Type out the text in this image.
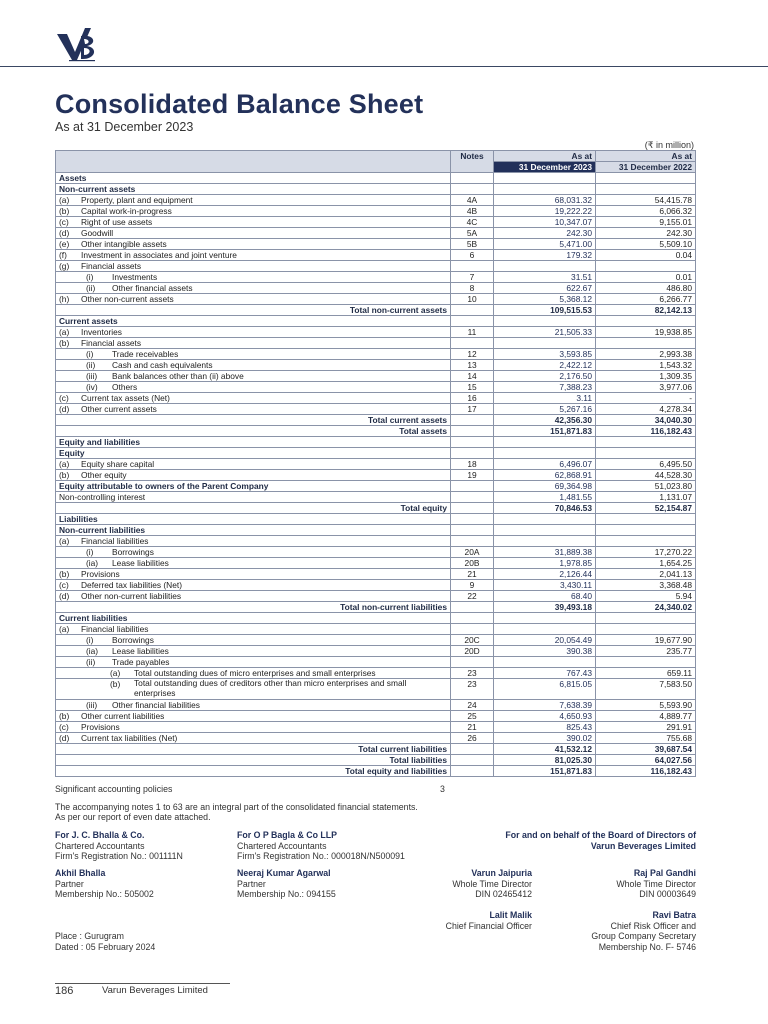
Consolidated Balance Sheet
As at 31 December 2023
(₹ in million)
	Notes	As at	As at
		31 December 2023	31 December 2022
Assets			
Non-current assets			
(a) Property, plant and equipment	4A	68,031.32	54,415.78
(b) Capital work-in-progress	4B	19,222.22	6,066.32
(c) Right of use assets	4C	10,347.07	9,155.01
(d) Goodwill	5A	242.30	242.30
(e) Other intangible assets	5B	5,471.00	5,509.10
(f) Investment in associates and joint venture	6	179.32	0.04
(g) Financial assets			
(i) Investments	7	31.51	0.01
(ii) Other financial assets	8	622.67	486.80
(h) Other non-current assets	10	5,368.12	6,266.77
Total non-current assets		109,515.53	82,142.13
Current assets			
(a) Inventories	11	21,505.33	19,938.85
(b) Financial assets			
(i) Trade receivables	12	3,593.85	2,993.38
(ii) Cash and cash equivalents	13	2,422.12	1,543.32
(iii) Bank balances other than (ii) above	14	2,176.50	1,309.35
(iv) Others	15	7,388.23	3,977.06
(c) Current tax assets (Net)	16	3.11	-
(d) Other current assets	17	5,267.16	4,278.34
Total current assets		42,356.30	34,040.30
Total assets		151,871.83	116,182.43
Equity and liabilities			
Equity			
(a) Equity share capital	18	6,496.07	6,495.50
(b) Other equity	19	62,868.91	44,528.30
Equity attributable to owners of the Parent Company		69,364.98	51,023.80
Non-controlling interest		1,481.55	1,131.07
Total equity		70,846.53	52,154.87
Liabilities			
Non-current liabilities			
(a) Financial liabilities			
(i) Borrowings	20A	31,889.38	17,270.22
(ia) Lease liabilities	20B	1,978.85	1,654.25
(b) Provisions	21	2,126.44	2,041.13
(c) Deferred tax liabilities (Net)	9	3,430.11	3,368.48
(d) Other non-current liabilities	22	68.40	5.94
Total non-current liabilities		39,493.18	24,340.02
Current liabilities			
(a) Financial liabilities			
(i) Borrowings	20C	20,054.49	19,677.90
(ia) Lease liabilities	20D	390.38	235.77
(ii) Trade payables			
(a) Total outstanding dues of micro enterprises and small enterprises	23	767.43	659.11
(b) Total outstanding dues of creditors other than micro enterprises and small enterprises	23	6,815.05	7,583.50
(iii) Other financial liabilities	24	7,638.39	5,593.90
(b) Other current liabilities	25	4,650.93	4,889.77
(c) Provisions	21	825.43	291.91
(d) Current tax liabilities (Net)	26	390.02	755.68
Total current liabilities		41,532.12	39,687.54
Total liabilities		81,025.30	64,027.56
Total equity and liabilities		151,871.83	116,182.43
Significant accounting policies	3
The accompanying notes 1 to 63 are an integral part of the consolidated financial statements.
As per our report of even date attached.
For J. C. Bhalla & Co.
Chartered Accountants
Firm's Registration No.: 001111N
For O P Bagla & Co LLP
Chartered Accountants
Firm's Registration No.: 000018N/N500091
For and on behalf of the Board of Directors of
Varun Beverages Limited
Akhil Bhalla
Partner
Membership No.: 505002
Neeraj Kumar Agarwal
Partner
Membership No.: 094155
Varun Jaipuria
Whole Time Director
DIN 02465412
Raj Pal Gandhi
Whole Time Director
DIN 00003649
Lalit Malik
Chief Financial Officer
Ravi Batra
Chief Risk Officer and
Group Company Secretary
Membership No. F- 5746
Place : Gurugram
Dated : 05 February 2024
186	Varun Beverages Limited
